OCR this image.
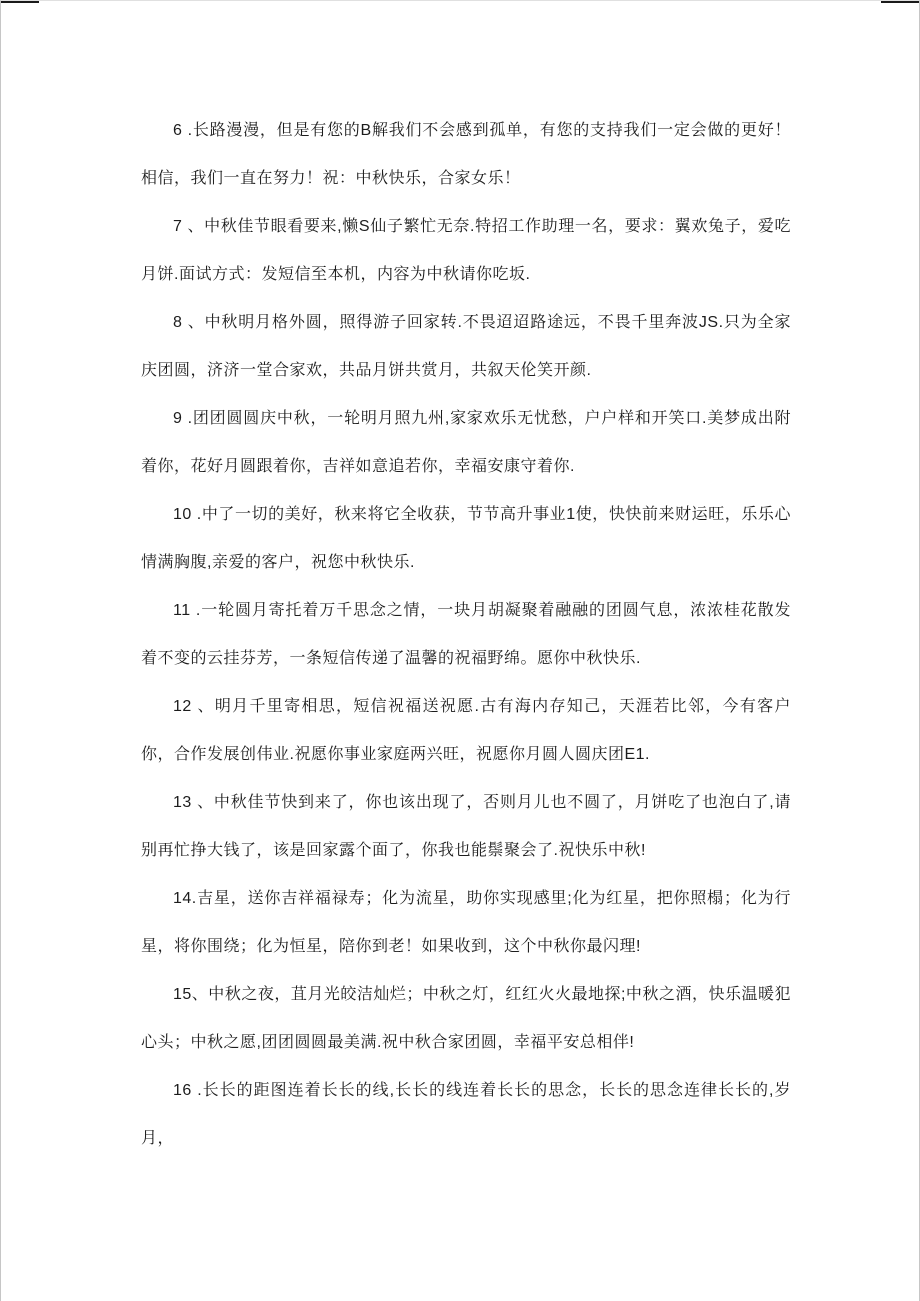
6 .长路漫漫，但是有您的B解我们不会感到孤单，有您的支持我们一定会做的更好！相信，我们一直在努力！祝：中秋快乐，合家女乐！

7 、中秋佳节眼看要来,懒S仙子繁忙无奈.特招工作助理一名，要求：翼欢兔子，爱吃月饼.面试方式：发短信至本机，内容为中秋请你吃坂.

8 、中秋明月格外圆，照得游子回家转.不畏迢迢路途远，不畏千里奔波JS.只为全家庆团圆，济济一堂合家欢，共品月饼共赏月，共叙天伦笑开颜.

9 .团团圆圆庆中秋，一轮明月照九州,家家欢乐无忧愁，户户样和开笑口.美梦成出附着你，花好月圆跟着你，吉祥如意追若你，幸福安康守着你.

10 .中了一切的美好，秋来将它全收获，节节高升事业1使，快快前来财运旺，乐乐心情满胸腹,亲爱的客户，祝您中秋快乐.

11 .一轮圆月寄托着万千思念之情，一块月胡凝聚着融融的团圆气息，浓浓桂花散发着不变的云挂芬芳，一条短信传递了温馨的祝福野绵。愿你中秋快乐.

12 、明月千里寄相思，短信祝福送祝愿.古有海内存知己，天涯若比邻，今有客户你，合作发展创伟业.祝愿你事业家庭两兴旺，祝愿你月圆人圆庆团E1.

13 、中秋佳节快到来了，你也该出现了，否则月儿也不圆了，月饼吃了也泡白了,请别再忙挣大钱了，该是回家露个面了，你我也能鬃聚会了.祝快乐中秋!

14.吉星，送你吉祥福禄寿；化为流星，助你实现感里;化为红星，把你照榻；化为行星，将你围绕；化为恒星，陪你到老！如果收到，这个中秋你最闪理!

15、中秋之夜，苴月光皎洁灿烂；中秋之灯，红红火火最地探;中秋之酒，快乐温暖犯心头；中秋之愿,团团圆圆最美满.祝中秋合家团圆，幸福平安总相伴!

16 .长长的距图连着长长的线,长长的线连着长长的思念，长长的思念连律长长的,岁月，
